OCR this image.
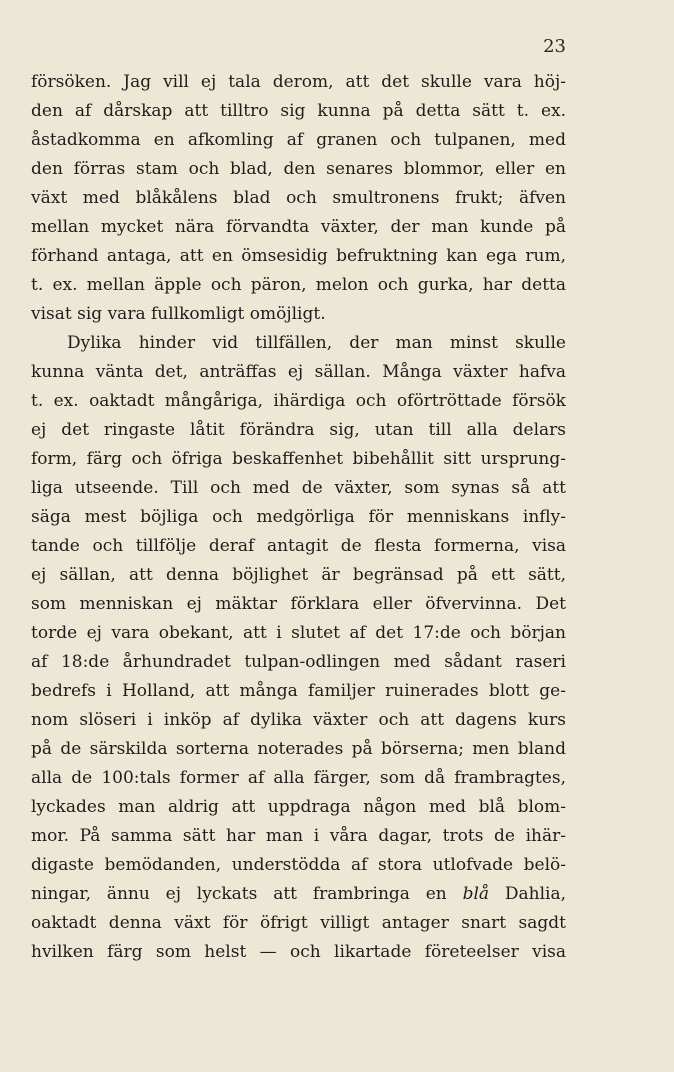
23
försöken. Jag vill ej tala derom, att det skulle vara höj-
den af dårskap att tilltro sig kunna på detta sätt t. ex.
åstadkomma en afkomling af granen och tulpanen, med
den förras stam och blad, den senares blommor, eller en
växt med blåkålens blad och smultronens frukt; äfven
mellan mycket nära förvandta växter, der man kunde på
förhand antaga, att en ömsesidig befruktning kan ega rum,
t. ex. mellan äpple och päron, melon och gurka, har detta
visat sig vara fullkomligt omöjligt.
Dylika hinder vid tillfällen, der man minst skulle
kunna vänta det, anträffas ej sällan. Många växter hafva
t. ex. oaktadt mångåriga, ihärdiga och oförtröttade försök
ej det ringaste låtit förändra sig, utan till alla delars
form, färg och öfriga beskaffenhet bibehållit sitt ursprung-
liga utseende. Till och med de växter, som synas så att
säga mest böjliga och medgörliga för menniskans infly-
tande och tillfölje deraf antagit de flesta formerna, visa
ej sällan, att denna böjlighet är begränsad på ett sätt,
som menniskan ej mäktar förklara eller öfvervinna. Det
torde ej vara obekant, att i slutet af det 17:de och början
af 18:de århundradet tulpan-odlingen med sådant raseri
bedrefs i Holland, att många familjer ruinerades blott ge-
nom slöseri i inköp af dylika växter och att dagens kurs
på de särskilda sorterna noterades på börserna; men bland
alla de 100:tals former af alla färger, som då frambragtes,
lyckades man aldrig att uppdraga någon med blå blom-
mor. På samma sätt har man i våra dagar, trots de ihär-
digaste bemödanden, understödda af stora utlofvade belö-
ningar, ännu ej lyckats att frambringa en blå Dahlia,
oaktadt denna växt för öfrigt villigt antager snart sagdt
hvilken färg som helst — och likartade företeelser visa
